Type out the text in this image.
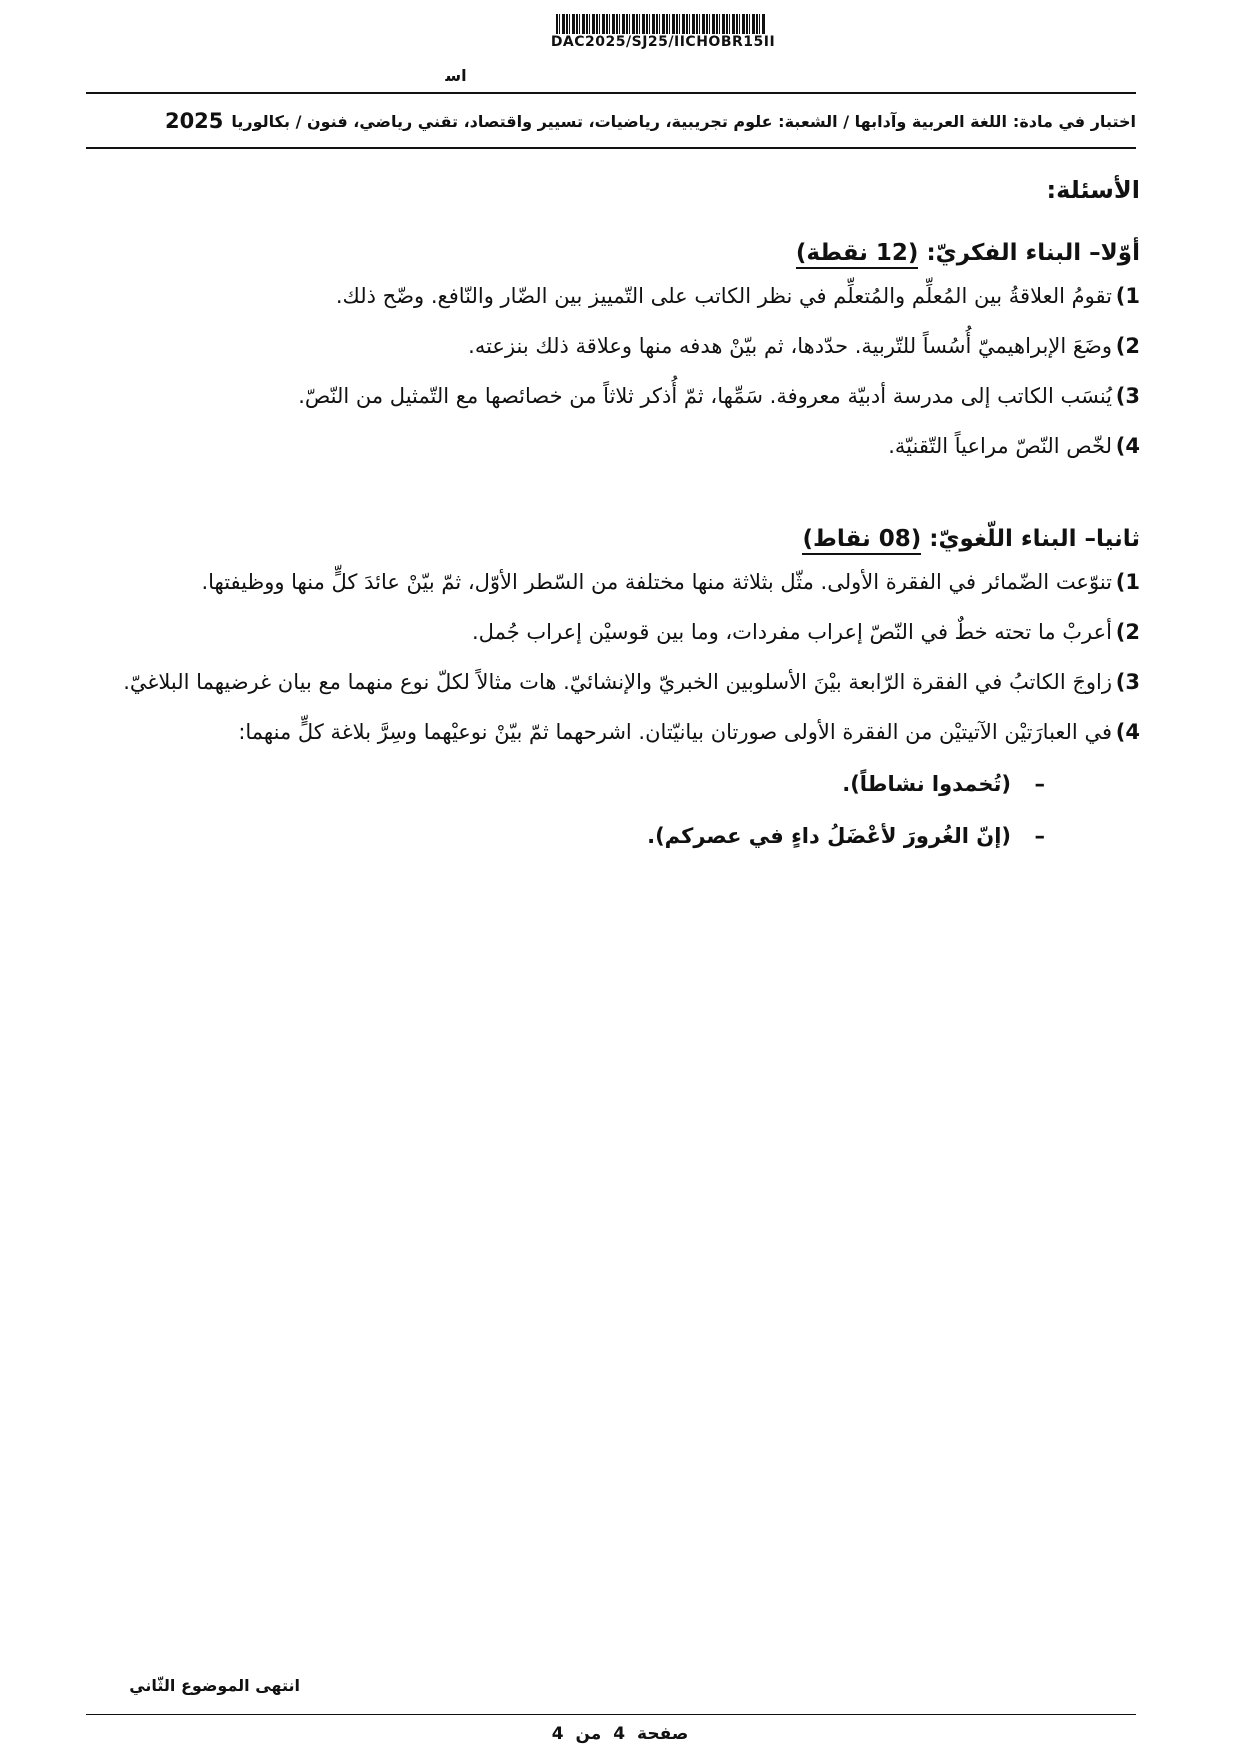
DAC2025/SJ25/IICHOBR15II
ﺍﺳ
اختبار في مادة:
اللغة العربية وآدابها / الشعبة: علوم تجريبية، رياضيات، تسيير واقتصاد، تقني رياضي، فنون / بكالوريا
2025
الأسئلة:
أوّلا– البناء الفكريّ: (12 نقطة)
1)
تقومُ العلاقةُ بين المُعلِّم والمُتعلِّم في نظر الكاتب على التّمييز بين الضّار والنّافع. وضّح ذلك.
2)
وضَعَ الإبراهيميّ أُسُساً للتّربية. حدّدها، ثم بيّنْ هدفه منها وعلاقة ذلك بنزعته.
3)
يُنسَب الكاتب إلى مدرسة أدبيّة معروفة. سَمِّها، ثمّ أُذكر ثلاثاً من خصائصها مع التّمثيل من النّصّ.
4)
لخّص النّصّ مراعياً التّقنيّة.
ثانيا– البناء اللّغويّ: (08 نقاط)
1)
تنوّعت الضّمائر في الفقرة الأولى. مثّل بثلاثة منها مختلفة من السّطر الأوّل، ثمّ بيّنْ عائدَ كلٍّ منها ووظيفتها.
2)
أعربْ ما تحته خطٌ في النّصّ إعراب مفردات، وما بين قوسيْن إعراب جُمل.
3)
زاوجَ الكاتبُ في الفقرة الرّابعة بيْنَ الأسلوبين الخبريّ والإنشائيّ. هات مثالاً لكلّ نوع منهما مع بيان غرضيهما البلاغيّ.
4)
في العبارَتيْن الآتيتيْن من الفقرة الأولى صورتان بيانيّتان. اشرحهما ثمّ بيّنْ نوعيْهما وسِرَّ بلاغة كلٍّ منهما:
–
(تُخمدوا نشاطاً).
–
(إنّ الغُرورَ لأعْضَلُ داءٍ في عصركم).
انتهى الموضوع الثّاني
صفحة 4 من 4
